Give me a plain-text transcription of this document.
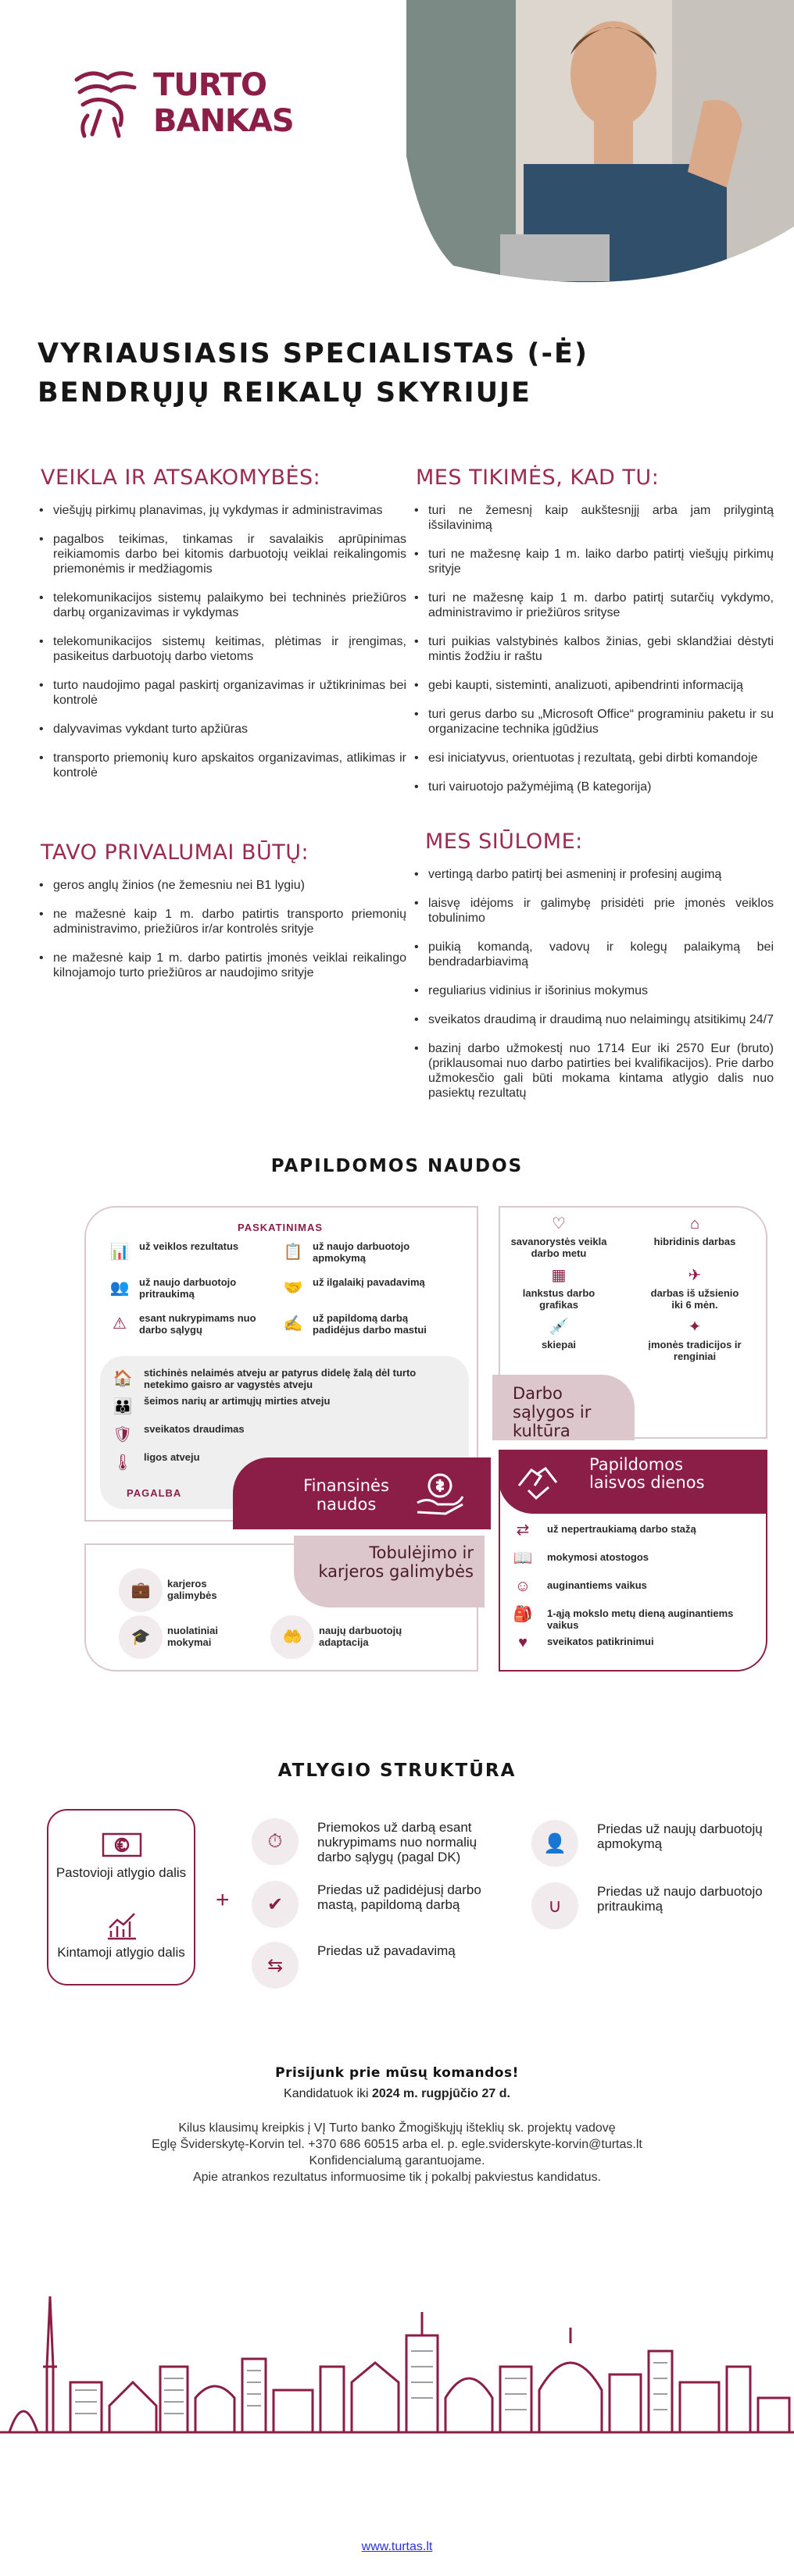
TURTO
BANKAS
VYRIAUSIASIS SPECIALISTAS (-Ė)
BENDRŲJŲ REIKALŲ SKYRIUJE
VEIKLA IR ATSAKOMYBĖS:
• viešųjų pirkimų planavimas, jų vykdymas ir administravimas
• pagalbos teikimas, tinkamas ir savalaikis aprūpinimas reikiamomis darbo bei kitomis darbuotojų veiklai reikalingomis priemonėmis ir medžiagomis
• telekomunikacijos sistemų palaikymo bei techninės priežiūros darbų organizavimas ir vykdymas
• telekomunikacijos sistemų keitimas, plėtimas ir įrengimas, pasikeitus darbuotojų darbo vietoms
• turto naudojimo pagal paskirtį organizavimas ir užtikrinimas bei kontrolė
• dalyvavimas vykdant turto apžiūras
• transporto priemonių kuro apskaitos organizavimas, atlikimas ir kontrolė
MES TIKIMĖS, KAD TU:
• turi ne žemesnį kaip aukštesnįjį arba jam prilygintą išsilavinimą
• turi ne mažesnę kaip 1 m. laiko darbo patirtį viešųjų pirkimų srityje
• turi ne mažesnę kaip 1 m. darbo patirtį sutarčių vykdymo, administravimo ir priežiūros srityse
• turi puikias valstybinės kalbos žinias, gebi sklandžiai dėstyti mintis žodžiu ir raštu
• gebi kaupti, sisteminti, analizuoti, apibendrinti informaciją
• turi gerus darbo su „Microsoft Office“ programiniu paketu ir su organizacine technika įgūdžius
• esi iniciatyvus, orientuotas į rezultatą, gebi dirbti komandoje
• turi vairuotojo pažymėjimą (B kategorija)
TAVO PRIVALUMAI BŪTŲ:
• geros anglų žinios (ne žemesniu nei B1 lygiu)
• ne mažesnė kaip 1 m. darbo patirtis transporto priemonių administravimo, priežiūros ir/ar kontrolės srityje
• ne mažesnė kaip 1 m. darbo patirtis įmonės veiklai reikalingo kilnojamojo turto priežiūros ar naudojimo srityje
MES SIŪLOME:
• vertingą darbo patirtį bei asmeninį ir profesinį augimą
• laisvę idėjoms ir galimybę prisidėti prie įmonės veiklos tobulinimo
• puikią komandą, vadovų ir kolegų palaikymą bei bendradarbiavimą
• reguliarius vidinius ir išorinius mokymus
• sveikatos draudimą ir draudimą nuo nelaimingų atsitikimų 24/7
• bazinį darbo užmokestį nuo 1714 Eur iki 2570 Eur (bruto) (priklausomai nuo darbo patirties bei kvalifikacijos). Prie darbo užmokesčio gali būti mokama kintama atlygio dalis nuo pasiektų rezultatų
PAPILDOMOS NAUDOS
PASKATINIMAS
📊 už veiklos rezultatus	📋 už naujo darbuotojo apmokymą
👥 už naujo darbuotojo pritraukimą	🤝 už ilgalaikį pavadavimą
⚠	esant nukrypimams nuo darbo sąlygų	✍ už papildomą darbą padidėjus darbo mastui
🏠 stichinės nelaimės atveju ar patyrus didelę žalą dėl turto netekimo gaisro ar vagystės atveju
👪 šeimos narių ar artimųjų mirties atveju
🛡 sveikatos draudimas
🌡 ligos atveju
PAGALBA	Finansinės naudos
♡
savanorystės veikla darbo metu
⌂
hibridinis darbas
▦
lankstus darbo grafikas
✈
darbas iš užsienio iki 6 mėn.
💉
skiepai
✦
įmonės tradicijos ir renginiai
Darbo sąlygos ir kultūra
💼 karjeros galimybės
🎓 nuolatiniai mokymai	🤲 naujų darbuotojų adaptacija
Tobulėjimo ir karjeros galimybės
⇄	už nepertraukiamą darbo stažą
📖 mokymosi atostogos
☺	auginantiems vaikus
🎒 1-ąją mokslo metų dieną auginantiems vaikus
♥	sveikatos patikrinimui
Papildomos laisvos dienos
ATLYGIO STRUKTŪRA
Pastovioji atlygio dalis
Kintamoji atlygio dalis
+
⏱
Priemokos už darbą esant nukrypimams nuo normalių darbo sąlygų (pagal DK)
✔
Priedas už padidėjusį darbo mastą, papildomą darbą
⇆
Priedas už pavadavimą
👤
Priedas už naujų darbuotojų apmokymą
∪
Priedas už naujo darbuotojo pritraukimą
Prisijunk prie mūsų komandos!
Kandidatuok iki 2024 m. rugpjūčio 27 d.
Kilus klausimų kreipkis į VĮ Turto banko Žmogiškųjų išteklių sk. projektų vadovę
Eglę Šviderskytę-Korvin tel. +370 686 60515 arba el. p. egle.sviderskyte-korvin@turtas.lt
Konfidencialumą garantuojame.
Apie atrankos rezultatus informuosime tik į pokalbį pakviestus kandidatus.
www.turtas.lt
